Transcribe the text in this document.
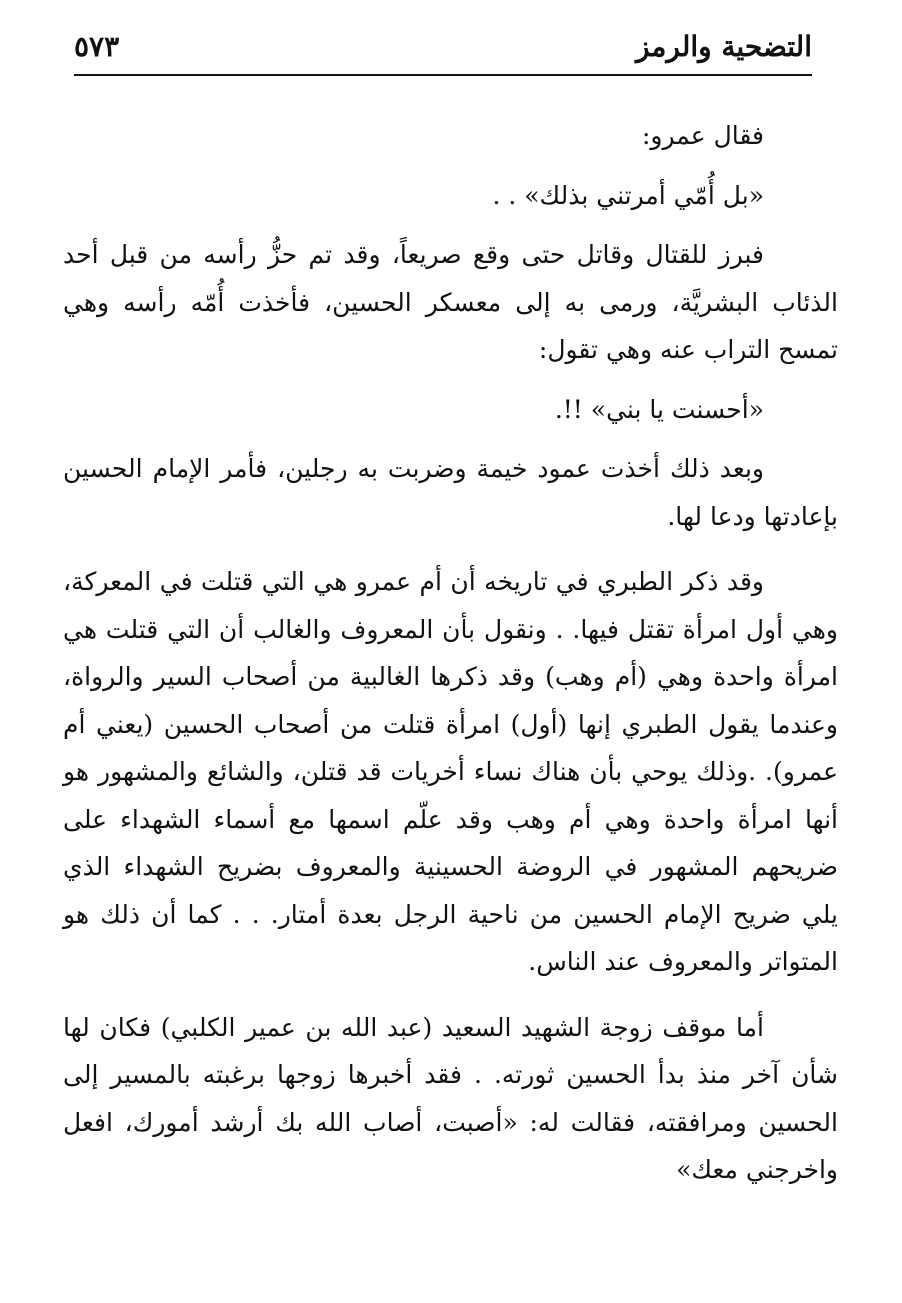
التضحية والرمز
٥٧٣

فقال عمرو:

«بل أُمّي أمرتني بذلك» . .

فبرز للقتال وقاتل حتى وقع صريعاً، وقد تم حزُّ رأسه من قبل أحد الذئاب البشريَّة، ورمى به إلى معسكر الحسين، فأخذت أُمّه رأسه وهي تمسح التراب عنه وهي تقول:

«أحسنت يا بني» !!.

وبعد ذلك أخذت عمود خيمة وضربت به رجلين، فأمر الإمام الحسين بإعادتها ودعا لها.

وقد ذكر الطبري في تاريخه أن أم عمرو هي التي قتلت في المعركة، وهي أول امرأة تقتل فيها. . ونقول بأن المعروف والغالب أن التي قتلت هي امرأة واحدة وهي (أم وهب) وقد ذكرها الغالبية من أصحاب السير والرواة، وعندما يقول الطبري إنها (أول) امرأة قتلت من أصحاب الحسين (يعني أم عمرو). .وذلك يوحي بأن هناك نساء أخريات قد قتلن، والشائع والمشهور هو أنها امرأة واحدة وهي أم وهب وقد علّم اسمها مع أسماء الشهداء على ضريحهم المشهور في الروضة الحسينية والمعروف بضريح الشهداء الذي يلي ضريح الإمام الحسين من ناحية الرجل بعدة أمتار. . . كما أن ذلك هو المتواتر والمعروف عند الناس.

أما موقف زوجة الشهيد السعيد (عبد الله بن عمير الكلبي) فكان لها شأن آخر منذ بدأ الحسين ثورته. . فقد أخبرها زوجها برغبته بالمسير إلى الحسين ومرافقته، فقالت له: «أصبت، أصاب الله بك أرشد أمورك، افعل واخرجني معك»
